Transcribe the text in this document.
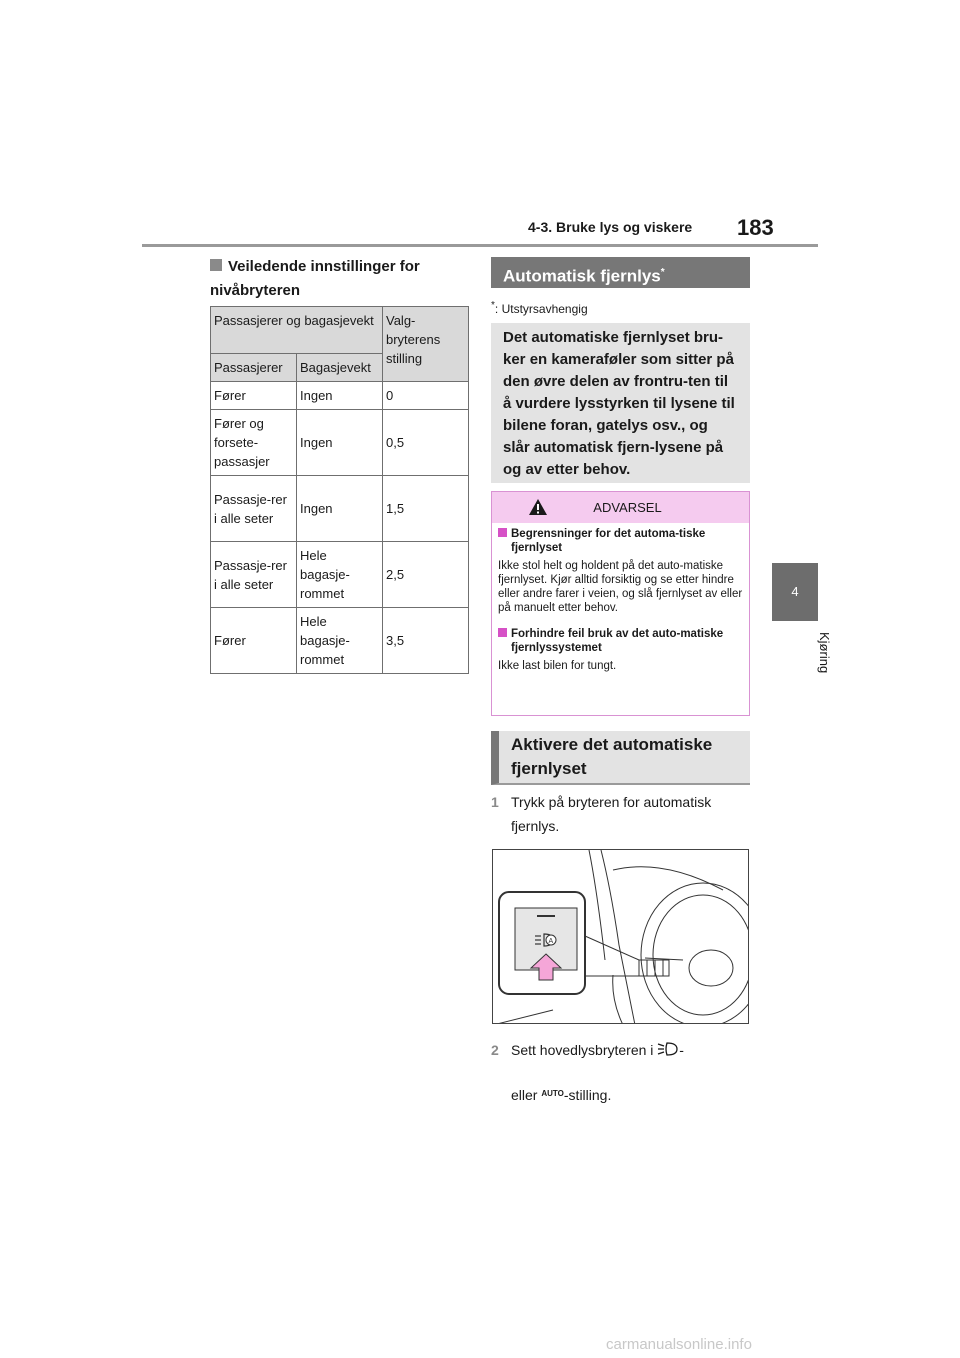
4-3. Bruke lys og viskere 183
4
Kjøring
Veiledende innstillinger for nivåbryteren
Passasjerer og bagasjevekt		Valg-bryterens stilling
Passasjerer	Bagasjevekt	
Fører	Ingen	0
Fører og forsete-passasjer	Ingen	0,5
Passasje-rer i alle seter	Ingen	1,5
Passasje-rer i alle seter	Hele bagasje-rommet	2,5
Fører	Hele bagasje-rommet	3,5
Automatisk fjernlys*
*: Utstyrsavhengig
Det automatiske fjernlyset bru-ker en kameraføler som sitter på den øvre delen av frontru-ten til å vurdere lysstyrken til lysene til bilene foran, gatelys osv., og slår automatisk fjern-lysene på og av etter behov.
ADVARSEL
Begrensninger for det automa-tiske fjernlyset
Ikke stol helt og holdent på det auto-matiske fjernlyset. Kjør alltid forsiktig og se etter hindre eller andre farer i veien, og slå fjernlyset av eller på manuelt etter behov.
Forhindre feil bruk av det auto-matiske fjernlyssystemet
Ikke last bilen for tungt.
Aktivere det automatiske fjernlyset
1 Trykk på bryteren for automatisk fjernlys.
A
2 Sett hovedlysbryteren i -
eller $^{AUTO}$-stilling.
carmanualsonline.info
